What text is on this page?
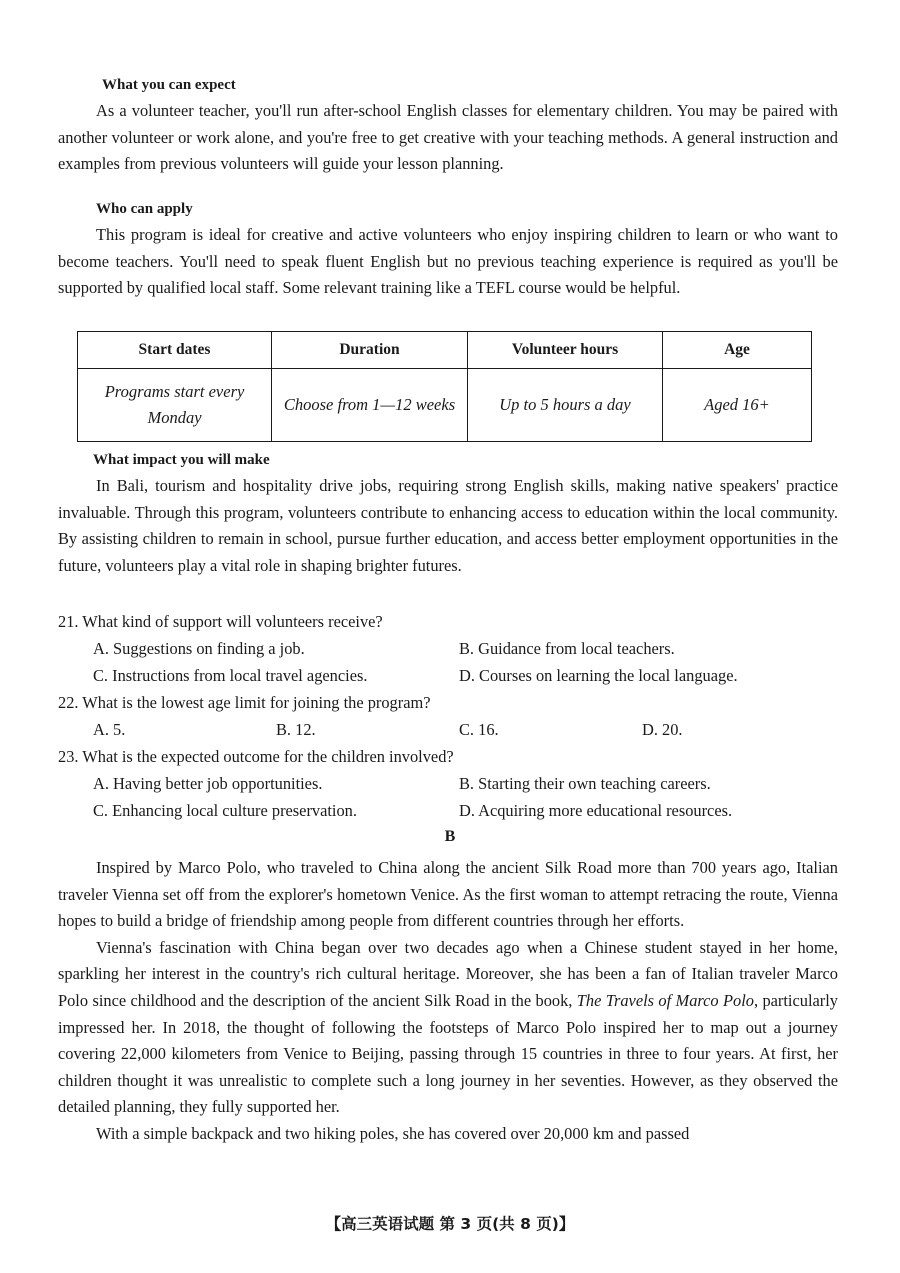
What you can expect

As a volunteer teacher, you'll run after-school English classes for elementary children. You may be paired with another volunteer or work alone, and you're free to get creative with your teaching methods. A general instruction and examples from previous volunteers will guide your lesson planning.

Who can apply

This program is ideal for creative and active volunteers who enjoy inspiring children to learn or who want to become teachers. You'll need to speak fluent English but no previous teaching experience is required as you'll be supported by qualified local staff. Some relevant training like a TEFL course would be helpful.

Start dates	Duration	Volunteer hours	Age
Programs start every Monday	Choose from 1—12 weeks	Up to 5 hours a day	Aged 16+

What impact you will make

In Bali, tourism and hospitality drive jobs, requiring strong English skills, making native speakers' practice invaluable. Through this program, volunteers contribute to enhancing access to education within the local community. By assisting children to remain in school, pursue further education, and access better employment opportunities in the future, volunteers play a vital role in shaping brighter futures.

21. What kind of support will volunteers receive?

A. Suggestions on finding a job.	B. Guidance from local teachers.
C. Instructions from local travel agencies.	D. Courses on learning the local language.

22. What is the lowest age limit for joining the program?

A. 5.	B. 12.	C. 16.	D. 20.

23. What is the expected outcome for the children involved?

A. Having better job opportunities.	B. Starting their own teaching careers.
C. Enhancing local culture preservation.	D. Acquiring more educational resources.
B

Inspired by Marco Polo, who traveled to China along the ancient Silk Road more than 700 years ago, Italian traveler Vienna set off from the explorer's hometown Venice. As the first woman to attempt retracing the route, Vienna hopes to build a bridge of friendship among people from different countries through her efforts.

Vienna's fascination with China began over two decades ago when a Chinese student stayed in her home, sparkling her interest in the country's rich cultural heritage. Moreover, she has been a fan of Italian traveler Marco Polo since childhood and the description of the ancient Silk Road in the book, The Travels of Marco Polo, particularly impressed her. In 2018, the thought of following the footsteps of Marco Polo inspired her to map out a journey covering 22,000 kilometers from Venice to Beijing, passing through 15 countries in three to four years. At first, her children thought it was unrealistic to complete such a long journey in her seventies. However, as they observed the detailed planning, they fully supported her.

With a simple backpack and two hiking poles, she has covered over 20,000 km and passed

【高三英语试题 第 3 页(共 8 页)】
